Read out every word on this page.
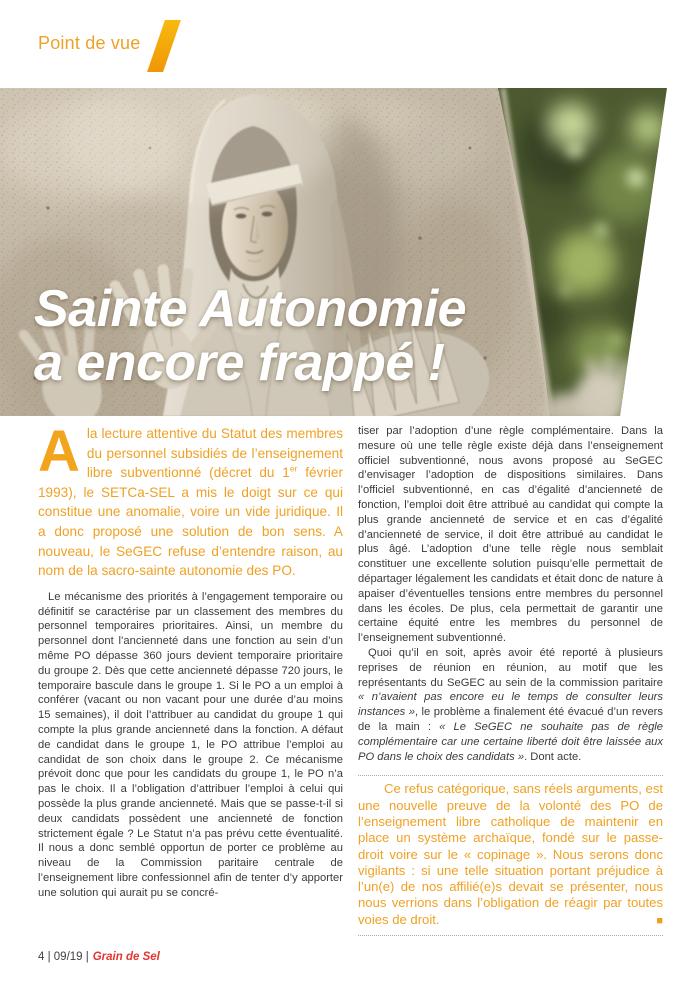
Point de vue
Sainte Autonomie
a encore frappé !

Ala lecture attentive du Statut des membres du personnel subsidiés de l’enseignement libre subventionné (décret du 1er février 1993), le SETCa-SEL a mis le doigt sur ce qui constitue une anomalie, voire un vide juridique. Il a donc proposé une solution de bon sens. A nouveau, le SeGEC refuse d’entendre raison, au nom de la sacro-sainte autonomie des PO.

Le mécanisme des priorités à l’engagement temporaire ou définitif se caractérise par un classement des membres du personnel temporaires prioritaires. Ainsi, un membre du personnel dont l’ancienneté dans une fonction au sein d’un même PO dépasse 360 jours devient temporaire prioritaire du groupe 2. Dès que cette ancienneté dépasse 720 jours, le temporaire bascule dans le groupe 1. Si le PO a un emploi à conférer (vacant ou non vacant pour une durée d’au moins 15 semaines), il doit l’attribuer au candidat du groupe 1 qui compte la plus grande ancienneté dans la fonction. A défaut de candidat dans le groupe 1, le PO attribue l’emploi au candidat de son choix dans le groupe 2. Ce mécanisme prévoit donc que pour les candidats du groupe 1, le PO n’a pas le choix. Il a l’obligation d’attribuer l’emploi à celui qui possède la plus grande ancienneté. Mais que se passe-t-il si deux candidats possèdent une ancienneté de fonction strictement égale ? Le Statut n’a pas prévu cette éventualité. Il nous a donc semblé opportun de porter ce problème au niveau de la Commission paritaire centrale de l’enseignement libre confessionnel afin de tenter d’y apporter une solution qui aurait pu se concré-

tiser par l’adoption d’une règle complémentaire. Dans la mesure où une telle règle existe déjà dans l’enseignement officiel subventionné, nous avons proposé au SeGEC d’envisager l’adoption de dispositions similaires. Dans l’officiel subventionné, en cas d’égalité d’ancienneté de fonction, l’emploi doit être attribué au candidat qui compte la plus grande ancienneté de service et en cas d’égalité d’ancienneté de service, il doit être attribué au candidat le plus âgé. L’adoption d’une telle règle nous semblait constituer une excellente solution puisqu’elle permettait de départager légalement les candidats et était donc de nature à apaiser d’éventuelles tensions entre membres du personnel dans les écoles. De plus, cela permettait de garantir une certaine équité entre les membres du personnel de l’enseignement subventionné.

Quoi qu’il en soit, après avoir été reporté à plusieurs reprises de réunion en réunion, au motif que les représentants du SeGEC au sein de la commission paritaire « n’avaient pas encore eu le temps de consulter leurs instances », le problème a finalement été évacué d’un revers de la main : « Le SeGEC ne souhaite pas de règle complémentaire car une certaine liberté doit être laissée aux PO dans le choix des candidats ». Dont acte.

Ce refus catégorique, sans réels arguments, est une nouvelle preuve de la volonté des PO de l’enseignement libre catholique de maintenir en place un système archaïque, fondé sur le passe-droit voire sur le « copinage ». Nous serons donc vigilants : si une telle situation portant préjudice à l’un(e) de nos affilié(e)s devait se présenter, nous nous verrions dans l’obligation de réagir par toutes voies de droit.	■
4 | 09/19 | Grain de Sel
